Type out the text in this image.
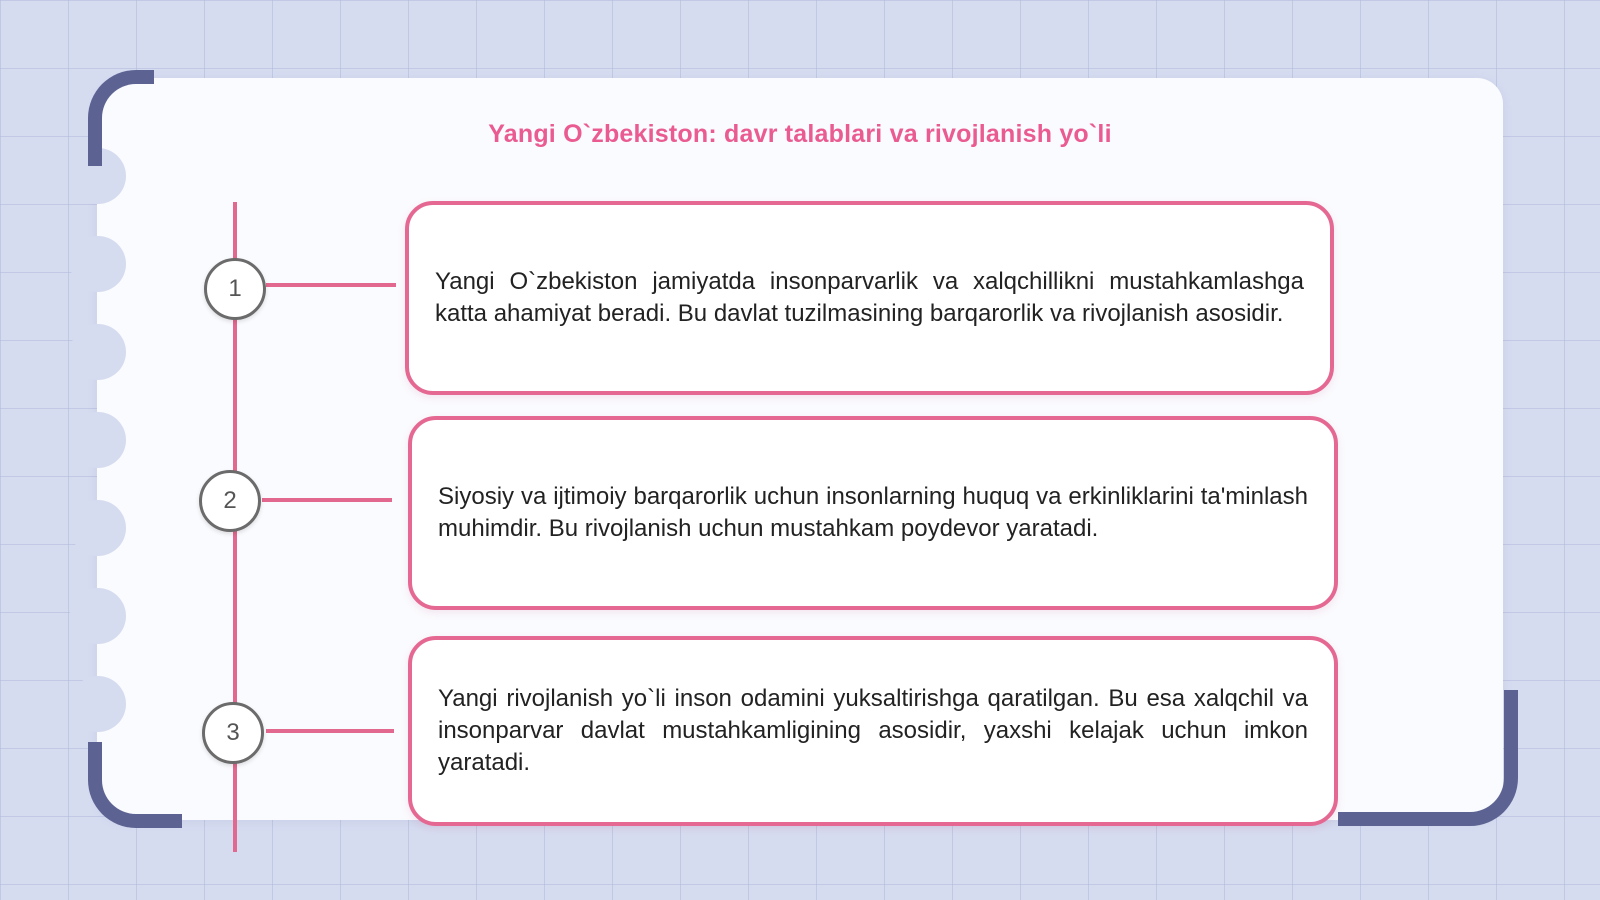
Yangi O`zbekiston: davr talablari va rivojlanish yo`li
1	Yangi O`zbekiston jamiyatda insonparvarlik va xalqchillikni mustahkamlashga katta ahamiyat beradi. Bu davlat tuzilmasining barqarorlik va rivojlanish asosidir.

2	Siyosiy va ijtimoiy barqarorlik uchun insonlarning huquq va erkinliklarini ta'minlash muhimdir. Bu rivojlanish uchun mustahkam poydevor yaratadi.

3

Yangi rivojlanish yo`li inson odamini yuksaltirishga qaratilgan. Bu esa xalqchil va insonparvar davlat mustahkamligining asosidir, yaxshi kelajak uchun imkon yaratadi.
